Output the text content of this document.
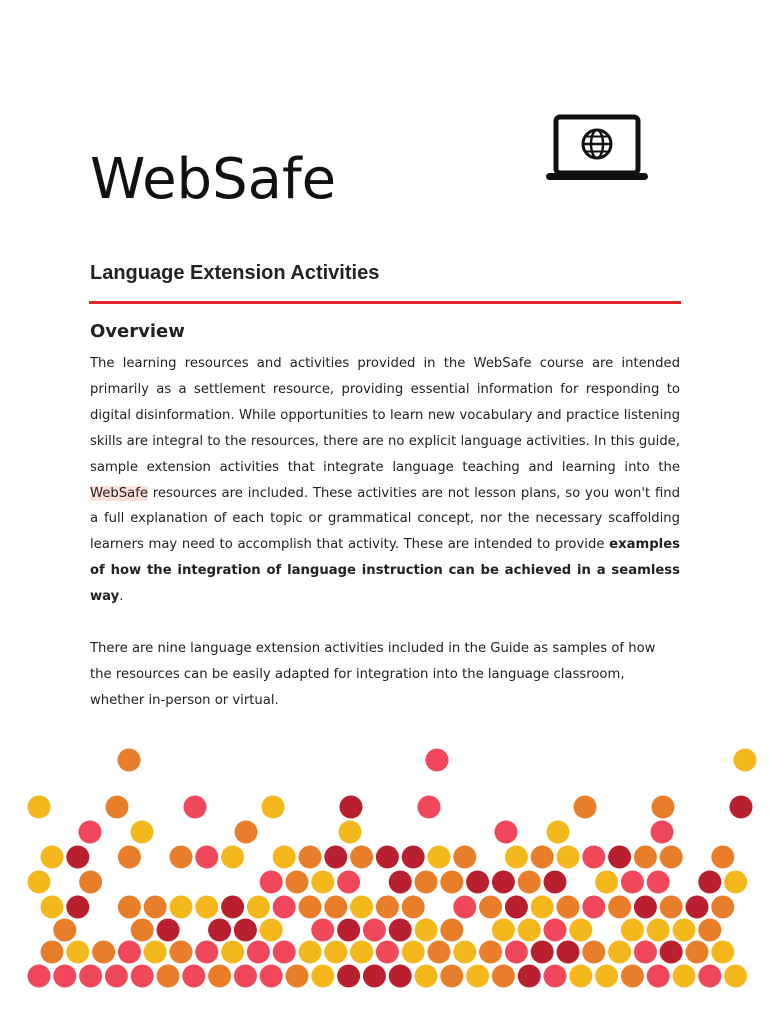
WebSafe
Language Extension Activities
Overview

The learning resources and activities provided in the WebSafe course are intended primarily as a settlement resource, providing essential information for responding to digital disinformation. While opportunities to learn new vocabulary and practice listening skills are integral to the resources, there are no explicit language activities. In this guide, sample extension activities that integrate language teaching and learning into the WebSafe resources are included. These activities are not lesson plans, so you won't find a full explanation of each topic or grammatical concept, nor the necessary scaffolding learners may need to accomplish that activity. These are intended to provide examples of how the integration of language instruction can be achieved in a seamless way.

There are nine language extension activities included in the Guide as samples of how the resources can be easily adapted for integration into the language classroom, whether in-person or virtual.
